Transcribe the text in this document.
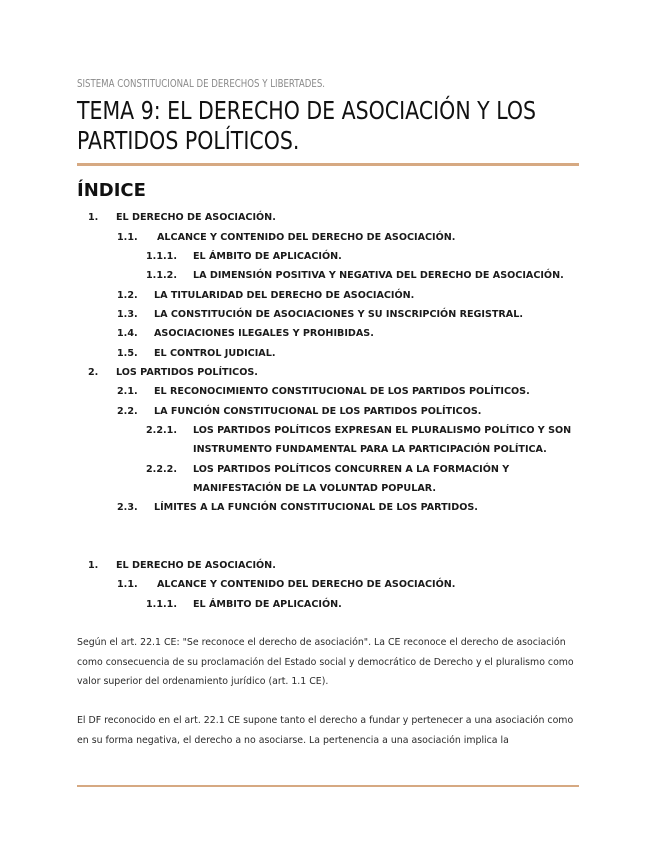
SISTEMA CONSTITUCIONAL DE DERECHOS Y LIBERTADES.
TEMA 9: EL DERECHO DE ASOCIACIÓN Y LOS PARTIDOS POLÍTICOS.
ÍNDICE
1. EL DERECHO DE ASOCIACIÓN.
1.1. ALCANCE Y CONTENIDO DEL DERECHO DE ASOCIACIÓN.
1.1.1. EL ÁMBITO DE APLICACIÓN.
1.1.2. LA DIMENSIÓN POSITIVA Y NEGATIVA DEL DERECHO DE ASOCIACIÓN.
1.2. LA TITULARIDAD DEL DERECHO DE ASOCIACIÓN.
1.3. LA CONSTITUCIÓN DE ASOCIACIONES Y SU INSCRIPCIÓN REGISTRAL.
1.4. ASOCIACIONES ILEGALES Y PROHIBIDAS.
1.5. EL CONTROL JUDICIAL.
2. LOS PARTIDOS POLÍTICOS.
2.1. EL RECONOCIMIENTO CONSTITUCIONAL DE LOS PARTIDOS POLÍTICOS.
2.2. LA FUNCIÓN CONSTITUCIONAL DE LOS PARTIDOS POLÍTICOS.
2.2.1. LOS PARTIDOS POLÍTICOS EXPRESAN EL PLURALISMO POLÍTICO Y SON
INSTRUMENTO FUNDAMENTAL PARA LA PARTICIPACIÓN POLÍTICA.
2.2.2. LOS PARTIDOS POLÍTICOS CONCURREN A LA FORMACIÓN Y
MANIFESTACIÓN DE LA VOLUNTAD POPULAR.
2.3. LÍMITES A LA FUNCIÓN CONSTITUCIONAL DE LOS PARTIDOS.
1. EL DERECHO DE ASOCIACIÓN.
1.1. ALCANCE Y CONTENIDO DEL DERECHO DE ASOCIACIÓN.
1.1.1. EL ÁMBITO DE APLICACIÓN.

Según el art. 22.1 CE: "Se reconoce el derecho de asociación". La CE reconoce el derecho de asociación como consecuencia de su proclamación del Estado social y democrático de Derecho y el pluralismo como valor superior del ordenamiento jurídico (art. 1.1 CE).

El DF reconocido en el art. 22.1 CE supone tanto el derecho a fundar y pertenecer a una asociación como en su forma negativa, el derecho a no asociarse. La pertenencia a una asociación implica la
